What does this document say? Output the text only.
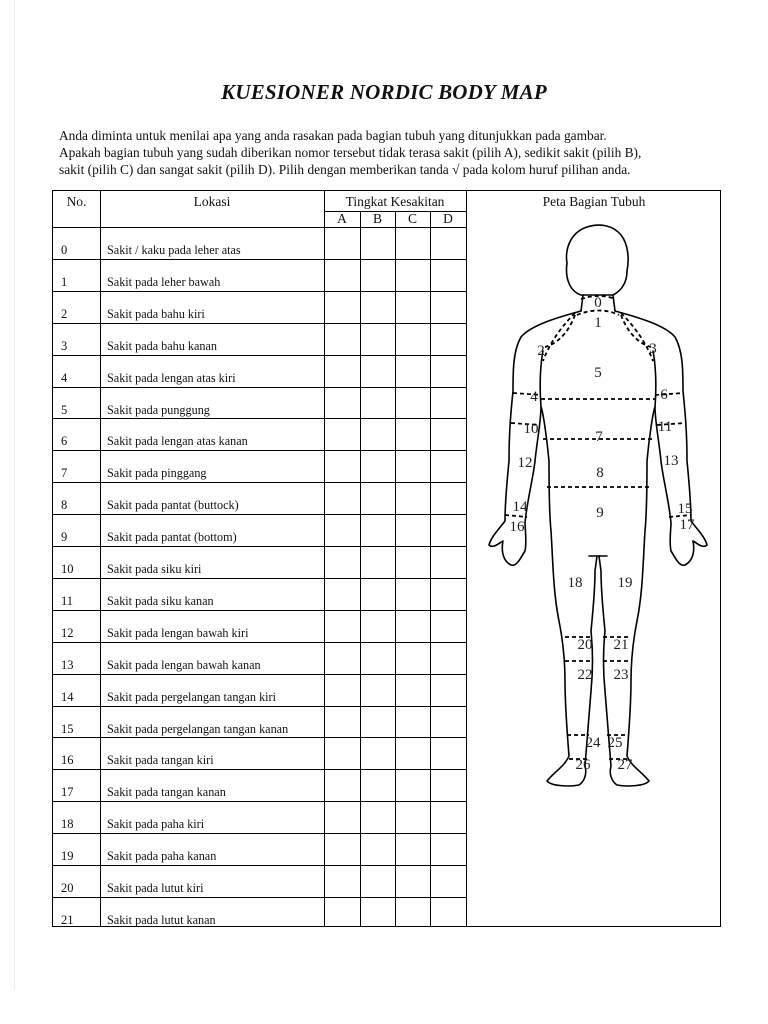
KUESIONER NORDIC BODY MAP

Anda diminta untuk menilai apa yang anda rasakan pada bagian tubuh yang ditunjukkan pada gambar.

Apakah bagian tubuh yang sudah diberikan nomor tersebut tidak terasa sakit (pilih A), sedikit sakit (pilih B),

sakit (pilih C) dan sangat sakit (pilih D). Pilih dengan memberikan tanda √ pada kolom huruf pilihan anda.

No.	Lokasi	Tingkat Kesakitan	Peta Bagian Tubuh
A	B	C	D
0	Sakit / kaku pada leher atas
1	Sakit pada leher bawah
2	Sakit pada bahu kiri
3	Sakit pada bahu kanan
4	Sakit pada lengan atas kiri
5	Sakit pada punggung
6	Sakit pada lengan atas kanan
7	Sakit pada pinggang
8	Sakit pada pantat (buttock)
9	Sakit pada pantat (bottom)
10	Sakit pada siku kiri
11	Sakit pada siku kanan
12	Sakit pada lengan bawah kiri
13	Sakit pada lengan bawah kanan
14	Sakit pada pergelangan tangan kiri
15	Sakit pada pergelangan tangan kanan
16	Sakit pada tangan kiri
17	Sakit pada tangan kanan
18	Sakit pada paha kiri
19	Sakit pada paha kanan
20	Sakit pada lutut kiri
21	Sakit pada lutut kanan
0
1
2	3
4
5
6
7
8
9
10	11
12	13
14	15
16	17
18 19
20 21
22 23
24 25
26 27
